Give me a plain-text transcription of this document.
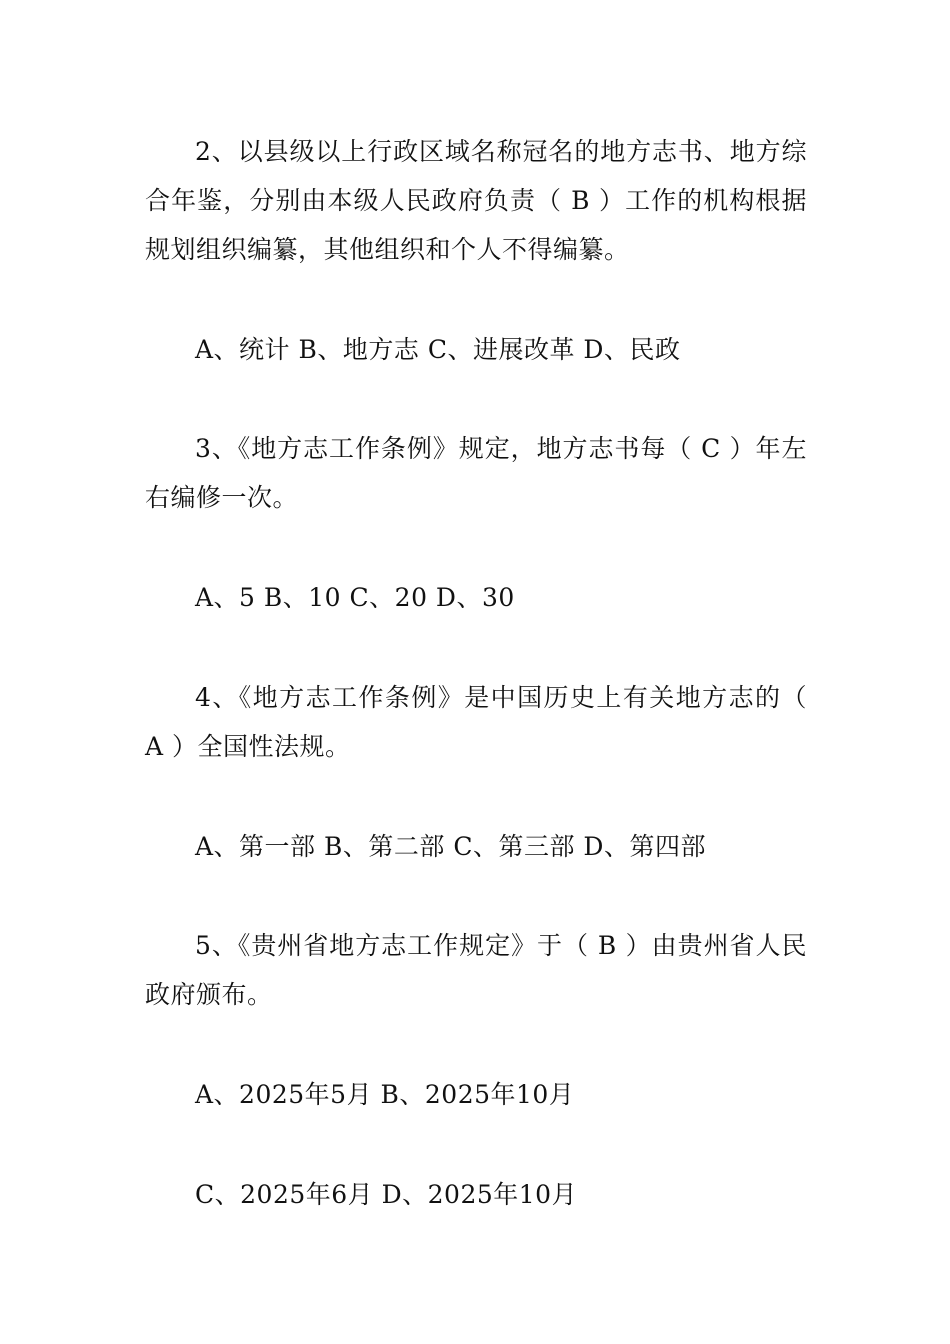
2、以县级以上行政区域名称冠名的地方志书、地方综合年鉴，分别由本级人民政府负责（ B ）工作的机构根据规划组织编纂，其他组织和个人不得编纂。

A、统计 B、地方志 C、进展改革 D、民政

3、《地方志工作条例》规定，地方志书每（ C ）年左右编修一次。

A、5 B、10 C、20 D、30

4、《地方志工作条例》是中国历史上有关地方志的（ A ）全国性法规。

A、第一部 B、第二部 C、第三部 D、第四部

5、《贵州省地方志工作规定》于（ B ）由贵州省人民政府颁布。

A、2025年5月 B、2025年10月

C、2025年6月 D、2025年10月
